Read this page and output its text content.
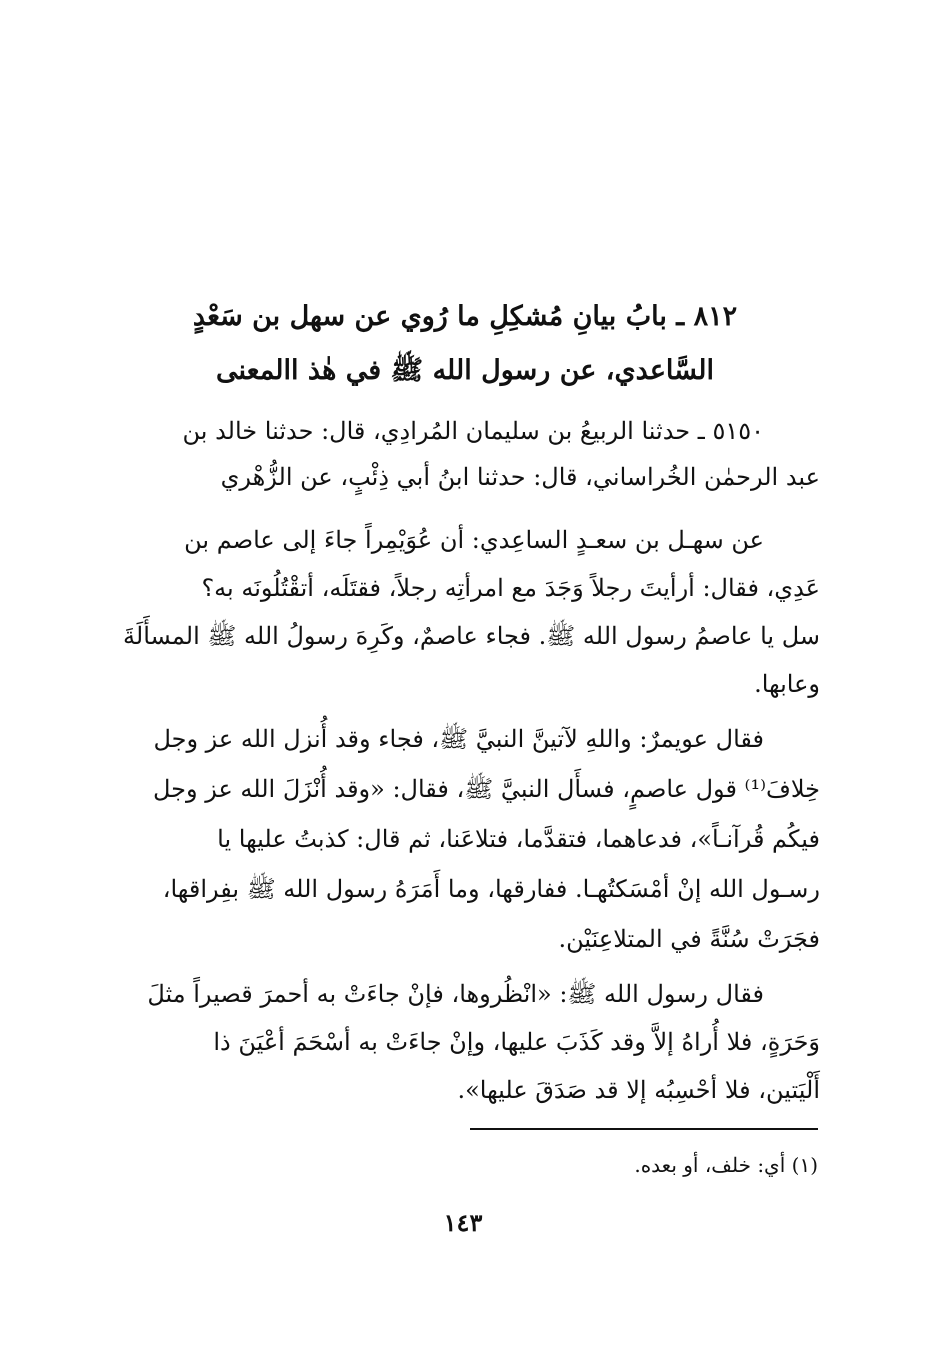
٨١٢ ـ بابُ بيانِ مُشكِلِ ما رُوي عن سهل بن سَعْدٍ
السَّاعدي، عن رسول الله ﷺ في هٰذ االمعنى
٥١٥٠ ـ حدثنا الربيعُ بن سليمان المُرادِي، قال: حدثنا خالد بن
عبد الرحمٰن الخُراساني، قال: حدثنا ابنُ أبي ذِئْبٍ، عن الزُّهْري
عن سهـل بن سعـدٍ الساعِدي: أن عُوَيْمِراً جاءَ إلى عاصم بن
عَدِي، فقال: أرأيتَ رجلاً وَجَدَ مع امرأتِه رجلاً، فقتَلَه، أتقْتُلُونَه به؟
سل يا عاصمُ رسول الله ﷺ. فجاء عاصمٌ، وكَرِهَ رسولُ الله ﷺ المسأَلَةَ
وعابها.
فقال عويمرٌ: واللهِ لآتينَّ النبيَّ ﷺ، فجاء وقد أُنزل الله عز وجل
خِلافَ⁽¹⁾ قول عاصمٍ، فسأَل النبيَّ ﷺ، فقال: «وقد أُنْزَلَ الله عز وجل
فيكُم قُرآنـاً»، فدعاهما، فتقدَّما، فتلاعَنا، ثم قال: كذبتُ عليها يا
رسـول الله إنْ أمْسَكتُهـا. ففارقها، وما أَمَرَهُ رسول الله ﷺ بفِراقها،
فجَرَتْ سُنَّةً في المتلاعِنَيْن.
فقال رسول الله ﷺ: «انْظُروها، فإنْ جاءَتْ به أحمرَ قصيراً مثلَ
وَحَرَةٍ، فلا أُراهُ إلاَّ وقد كَذَبَ عليها، وإنْ جاءَتْ به أسْحَمَ أعْيَنَ ذا
أَلْيَتين، فلا أحْسِبُه إلا قد صَدَقَ عليها».
(١) أي: خلف، أو بعده.
١٤٣
